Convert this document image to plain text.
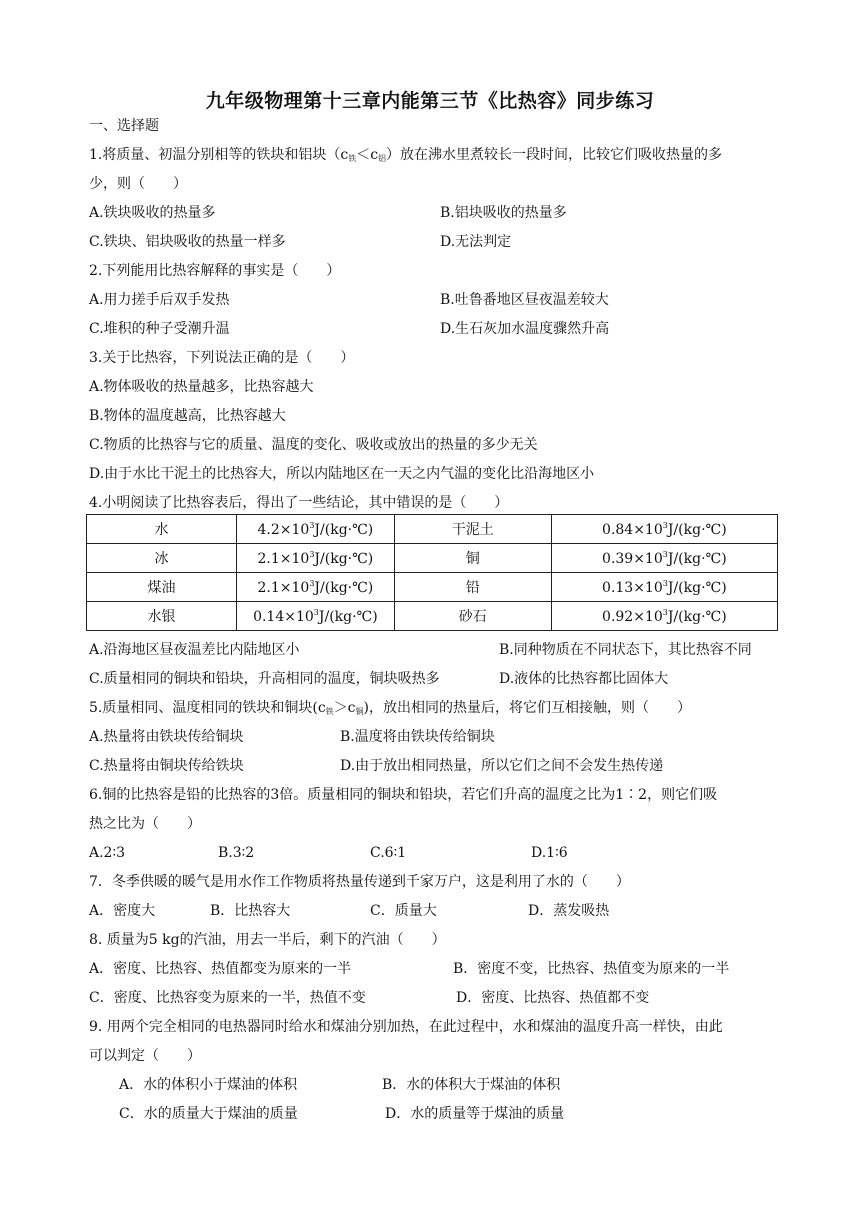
九年级物理第十三章内能第三节《比热容》同步练习
一、选择题
1.将质量、初温分别相等的铁块和铝块$(c_铁<c_铝)$放在沸水里煮较长一段时间，比较它们吸收热量的多
少，则（　　）
A.铁块吸收的热量多	B.铝块吸收的热量多
C.铁块、铝块吸收的热量一样多	D.无法判定
2.下列能用比热容解释的事实是（　　）
A.用力搓手后双手发热	B.吐鲁番地区昼夜温差较大
C.堆积的种子受潮升温	D.生石灰加水温度骤然升高
3.关于比热容，下列说法正确的是（　　）
A.物体吸收的热量越多，比热容越大
B.物体的温度越高，比热容越大
C.物质的比热容与它的质量、温度的变化、吸收或放出的热量的多少无关
D.由于水比干泥土的比热容大，所以内陆地区在一天之内气温的变化比沿海地区小
4.小明阅读了比热容表后，得出了一些结论，其中错误的是（　　）
水	$4.2\times 10^3J/(kg\cdot℃)$	干泥土	$0.84\times 10^3J/(kg\cdot℃)$
冰	$2.1\times 10^3J/(kg\cdot℃)$	铜	$0.39\times 10^3J/(kg\cdot℃)$
煤油	$2.1\times 10^3J/(kg\cdot℃)$	铅	$0.13\times 10^3J/(kg\cdot℃)$
水银	$0.14\times 10^3J/(kg\cdot℃)$	砂石	$0.92\times 10^3J/(kg\cdot℃)$
A.沿海地区昼夜温差比内陆地区小	B.同种物质在不同状态下，其比热容不同
C.质量相同的铜块和铅块，升高相同的温度，铜块吸热多	D.液体的比热容都比固体大
5.质量相同、温度相同的铁块和铜块$(c_铁>c_铜)$，放出相同的热量后，将它们互相接触，则（　　）
A.热量将由铁块传给铜块	B.温度将由铁块传给铜块
C.热量将由铜块传给铁块	D.由于放出相同热量，所以它们之间不会发生热传递
6.铜的比热容是铅的比热容的3倍。质量相同的铜块和铅块，若它们升高的温度之比为1∶2，则它们吸
热之比为（　　）
A.2∶3	B.3∶2	C.6∶1	D.1∶6
7．冬季供暖的暖气是用水作工作物质将热量传递到千家万户，这是利用了水的（　　）
A．密度大	B．比热容大	C．质量大	D．蒸发吸热
8. 质量为5 kg的汽油，用去一半后，剩下的汽油（　　）
A．密度、比热容、热值都变为原来的一半	B．密度不变，比热容、热值变为原来的一半
C．密度、比热容变为原来的一半，热值不变	D．密度、比热容、热值都不变
9. 用两个完全相同的电热器同时给水和煤油分别加热，在此过程中，水和煤油的温度升高一样快，由此
可以判定（　　）
A．水的体积小于煤油的体积	B．水的体积大于煤油的体积
C．水的质量大于煤油的质量	D．水的质量等于煤油的质量
